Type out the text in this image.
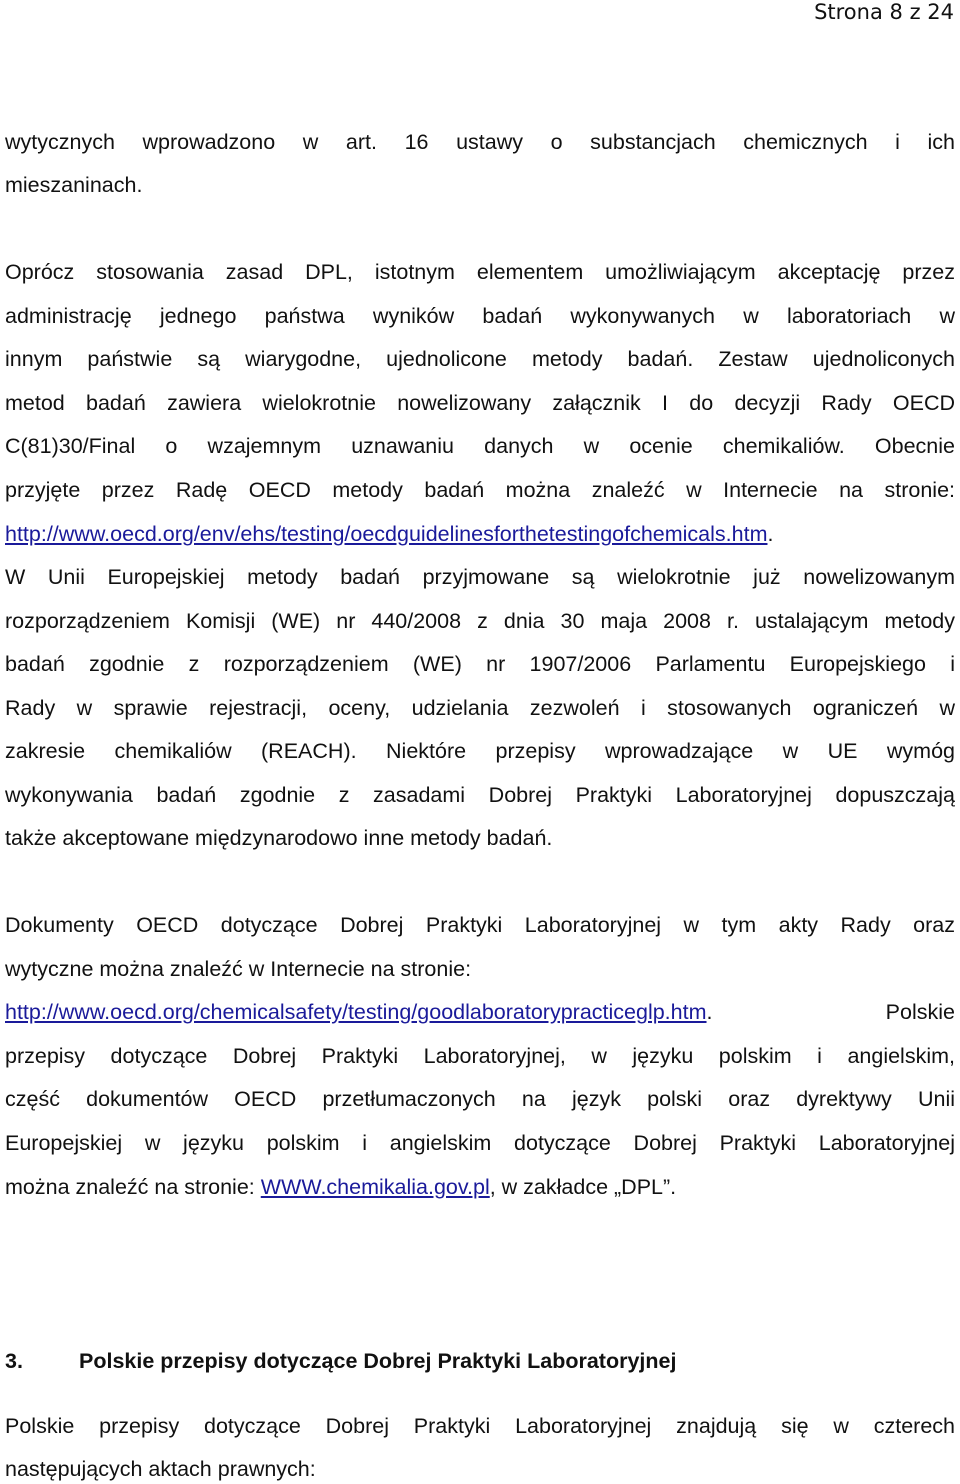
Strona 8 z 24
wytycznych wprowadzono w art. 16 ustawy o substancjach chemicznych i ich
mieszaninach.
Oprócz stosowania zasad DPL, istotnym elementem umożliwiającym akceptację przez
administrację jednego państwa wyników badań wykonywanych w laboratoriach w
innym państwie są wiarygodne, ujednolicone metody badań. Zestaw ujednoliconych
metod badań zawiera wielokrotnie nowelizowany załącznik I do decyzji Rady OECD
C(81)30/Final o wzajemnym uznawaniu danych w ocenie chemikaliów. Obecnie
przyjęte przez Radę OECD metody badań można znaleźć w Internecie na stronie:
http://www.oecd.org/env/ehs/testing/oecdguidelinesforthetestingofchemicals.htm.
W Unii Europejskiej metody badań przyjmowane są wielokrotnie już nowelizowanym
rozporządzeniem Komisji (WE) nr 440/2008 z dnia 30 maja 2008 r. ustalającym metody
badań zgodnie z rozporządzeniem (WE) nr 1907/2006 Parlamentu Europejskiego i
Rady w sprawie rejestracji, oceny, udzielania zezwoleń i stosowanych ograniczeń w
zakresie chemikaliów (REACH). Niektóre przepisy wprowadzające w UE wymóg
wykonywania badań zgodnie z zasadami Dobrej Praktyki Laboratoryjnej dopuszczają
także akceptowane międzynarodowo inne metody badań.
Dokumenty OECD dotyczące Dobrej Praktyki Laboratoryjnej w tym akty Rady oraz
wytyczne można znaleźć w Internecie na stronie:
http://www.oecd.org/chemicalsafety/testing/goodlaboratorypracticeglp.htm. Polskie
przepisy dotyczące Dobrej Praktyki Laboratoryjnej, w języku polskim i angielskim,
część dokumentów OECD przetłumaczonych na język polski oraz dyrektywy Unii
Europejskiej w języku polskim i angielskim dotyczące Dobrej Praktyki Laboratoryjnej
można znaleźć na stronie: WWW.chemikalia.gov.pl, w zakładce „DPL”.
3.	Polskie przepisy dotyczące Dobrej Praktyki Laboratoryjnej
Polskie przepisy dotyczące Dobrej Praktyki Laboratoryjnej znajdują się w czterech
następujących aktach prawnych:
